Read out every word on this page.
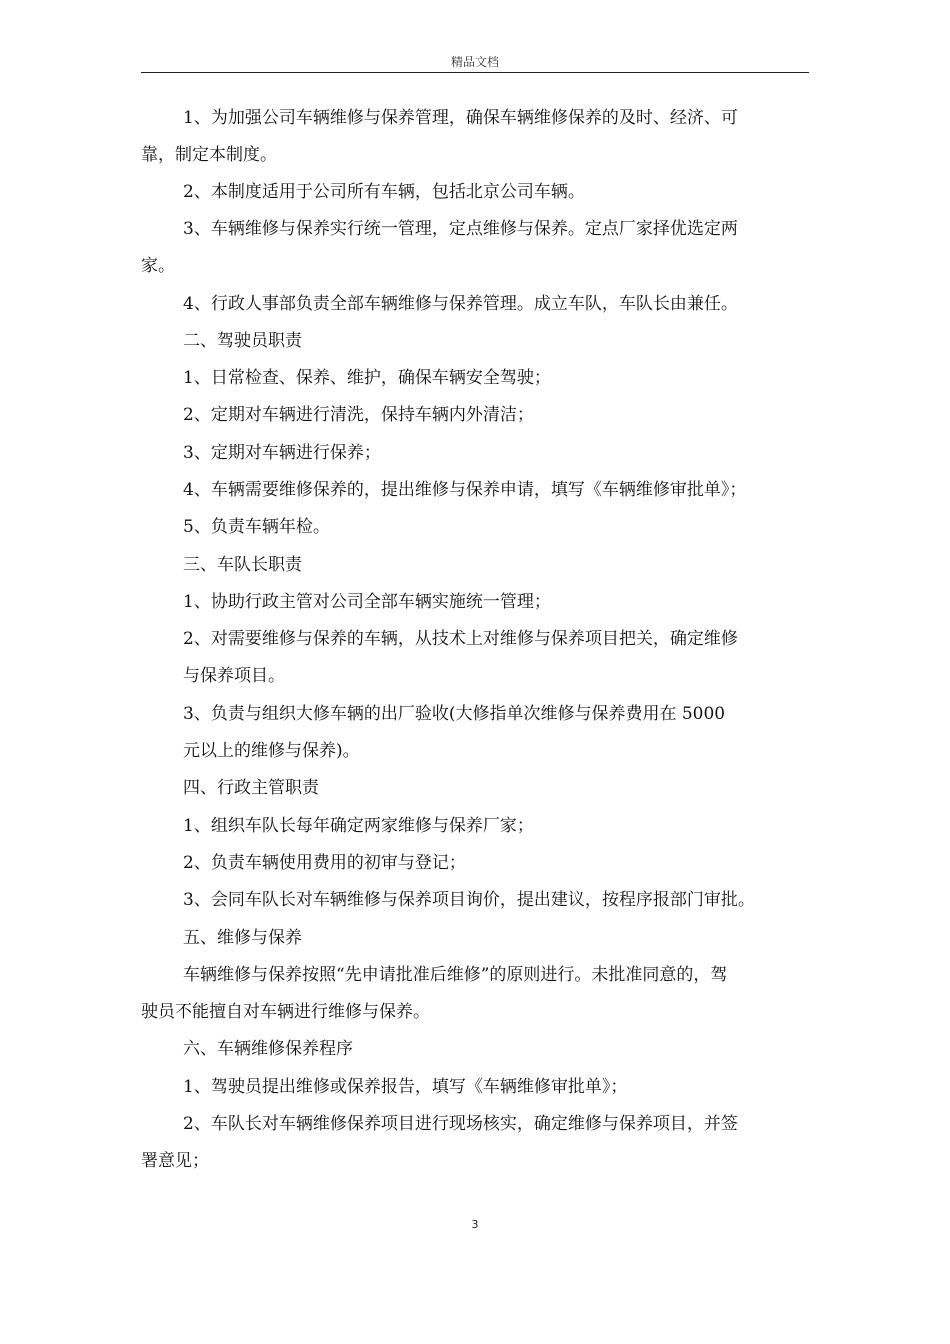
精品文档
1、为加强公司车辆维修与保养管理，确保车辆维修保养的及时、经济、可
靠，制定本制度。
2、本制度适用于公司所有车辆，包括北京公司车辆。
3、车辆维修与保养实行统一管理，定点维修与保养。定点厂家择优选定两
家。
4、行政人事部负责全部车辆维修与保养管理。成立车队，车队长由兼任。
二、驾驶员职责
1、日常检查、保养、维护，确保车辆安全驾驶；
2、定期对车辆进行清洗，保持车辆内外清洁；
3、定期对车辆进行保养；
4、车辆需要维修保养的，提出维修与保养申请，填写《车辆维修审批单》；
5、负责车辆年检。
三、车队长职责
1、协助行政主管对公司全部车辆实施统一管理；
2、对需要维修与保养的车辆，从技术上对维修与保养项目把关，确定维修
与保养项目。
3、负责与组织大修车辆的出厂验收(大修指单次维修与保养费用在 5000
元以上的维修与保养)。
四、行政主管职责
1、组织车队长每年确定两家维修与保养厂家；
2、负责车辆使用费用的初审与登记；
3、会同车队长对车辆维修与保养项目询价，提出建议，按程序报部门审批。
五、维修与保养
车辆维修与保养按照“先申请批准后维修”的原则进行。未批准同意的，驾
驶员不能擅自对车辆进行维修与保养。
六、车辆维修保养程序
1、驾驶员提出维修或保养报告，填写《车辆维修审批单》；
2、车队长对车辆维修保养项目进行现场核实，确定维修与保养项目，并签
署意见；
3
